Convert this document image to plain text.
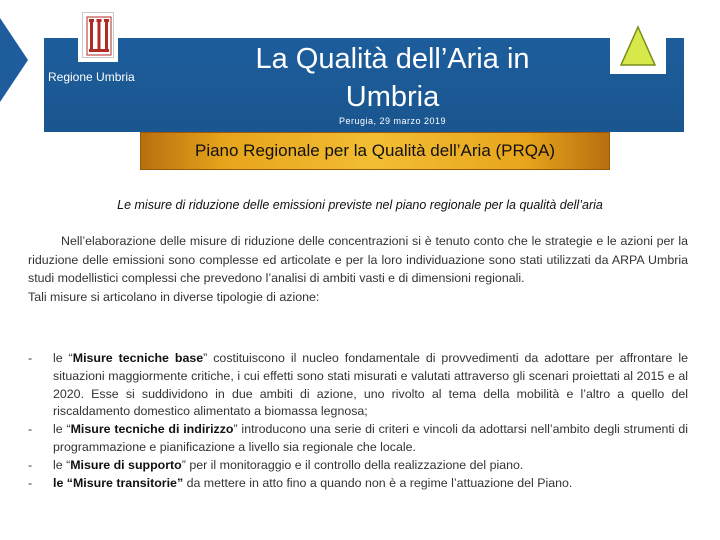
Regione Umbria
La Qualità dell’Aria in
Umbria
Perugia, 29 marzo 2019
Piano Regionale per la Qualità dell’Aria (PRQA)
Le misure di riduzione delle emissioni previste nel piano regionale per la qualità dell’aria

Nell’elaborazione delle misure di riduzione delle concentrazioni si è tenuto conto che le strategie e le azioni per la riduzione delle emissioni sono complesse ed articolate e per la loro individuazione sono stati utilizzati da ARPA Umbria studi modellistici complessi che prevedono l’analisi di ambiti vasti e di dimensioni regionali.

Tali misure si articolano in diverse tipologie di azione:

-	le “Misure tecniche base” costituiscono il nucleo fondamentale di provvedimenti da adottare per affrontare le situazioni maggiormente critiche, i cui effetti sono stati misurati e valutati attraverso gli scenari proiettati al 2015 e al 2020. Esse si suddividono in due ambiti di azione, uno rivolto al tema della mobilità e l’altro a quello del riscaldamento domestico alimentato a biomassa legnosa;
-	le “Misure tecniche di indirizzo” introducono una serie di criteri e vincoli da adottarsi nell’ambito degli strumenti di programmazione e pianificazione a livello sia regionale che locale.
-	le “Misure di supporto” per il monitoraggio e il controllo della realizzazione del piano.
-	le “Misure transitorie” da mettere in atto fino a quando non è a regime l’attuazione del Piano.
